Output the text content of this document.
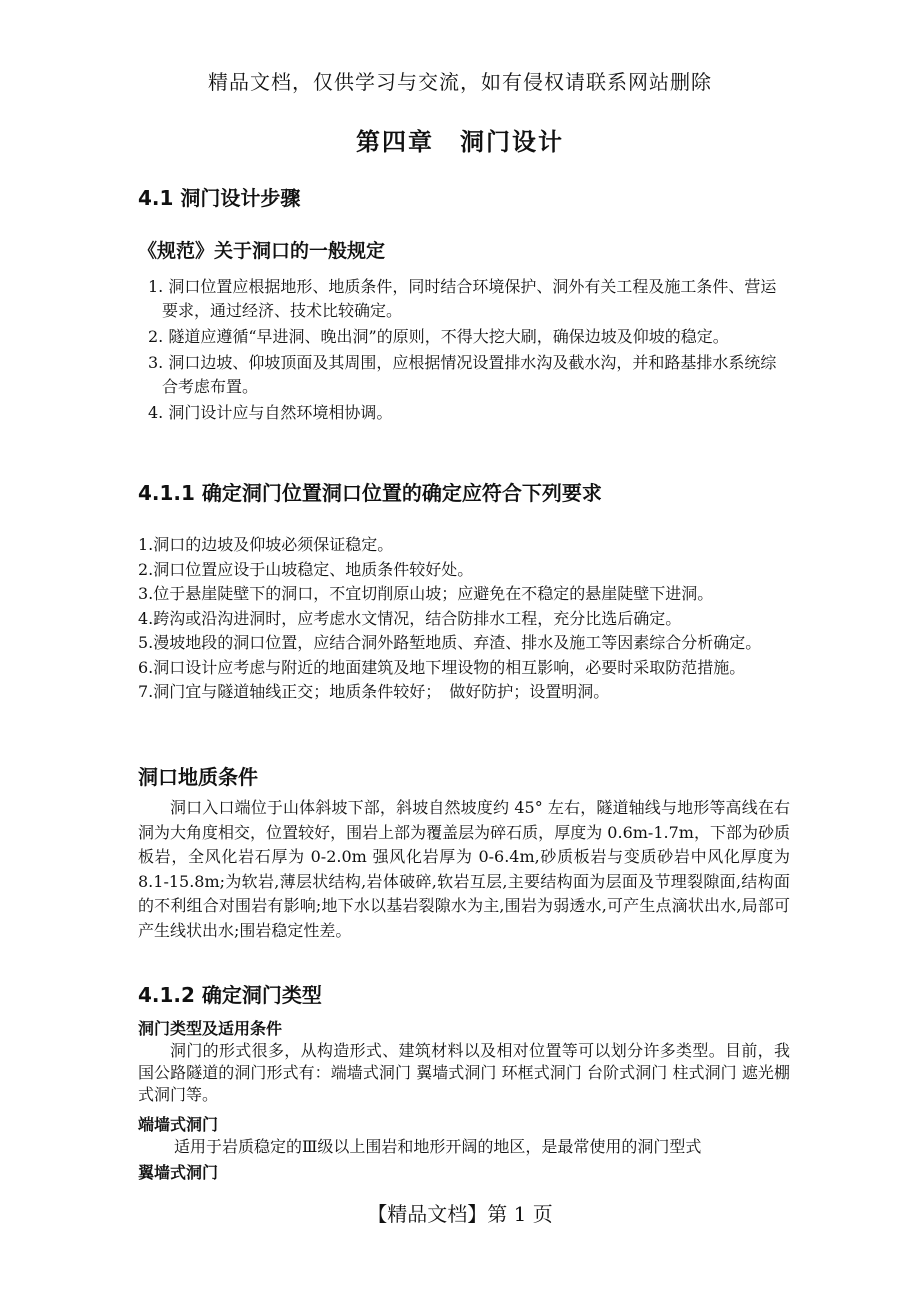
精品文档，仅供学习与交流，如有侵权请联系网站删除
第四章　洞门设计
4.1 洞门设计步骤
《规范》关于洞口的一般规定
1. 洞口位置应根据地形、地质条件，同时结合环境保护、洞外有关工程及施工条件、营运要求，通过经济、技术比较确定。
2. 隧道应遵循“早进洞、晚出洞”的原则，不得大挖大刷，确保边坡及仰坡的稳定。
3. 洞口边坡、仰坡顶面及其周围，应根据情况设置排水沟及截水沟，并和路基排水系统综合考虑布置。
4. 洞门设计应与自然环境相协调。
4.1.1 确定洞门位置洞口位置的确定应符合下列要求
1.洞口的边坡及仰坡必须保证稳定。
2.洞口位置应设于山坡稳定、地质条件较好处。
3.位于悬崖陡壁下的洞口，不宜切削原山坡；应避免在不稳定的悬崖陡壁下进洞。
4.跨沟或沿沟进洞时，应考虑水文情况，结合防排水工程，充分比选后确定。
5.漫坡地段的洞口位置，应结合洞外路堑地质、弃渣、排水及施工等因素综合分析确定。
6.洞口设计应考虑与附近的地面建筑及地下埋设物的相互影响，必要时采取防范措施。
7.洞门宜与隧道轴线正交；地质条件较好；　做好防护；设置明洞。
洞口地质条件

洞口入口端位于山体斜坡下部，斜坡自然坡度约 45° 左右，隧道轴线与地形等高线在右洞为大角度相交，位置较好，围岩上部为覆盖层为碎石质，厚度为 0.6m-1.7m，下部为砂质板岩，全风化岩石厚为 0-2.0m 强风化岩厚为 0-6.4m,砂质板岩与变质砂岩中风化厚度为 8.1-15.8m;为软岩,薄层状结构,岩体破碎,软岩互层,主要结构面为层面及节理裂隙面,结构面的不利组合对围岩有影响;地下水以基岩裂隙水为主,围岩为弱透水,可产生点滴状出水,局部可产生线状出水;围岩稳定性差。

4.1.2 确定洞门类型
洞门类型及适用条件

洞门的形式很多，从构造形式、建筑材料以及相对位置等可以划分许多类型。目前，我国公路隧道的洞门形式有：端墙式洞门 翼墙式洞门 环框式洞门 台阶式洞门 柱式洞门 遮光棚式洞门等。

端墙式洞门

适用于岩质稳定的Ⅲ级以上围岩和地形开阔的地区，是最常使用的洞门型式

翼墙式洞门
【精品文档】第 1 页
